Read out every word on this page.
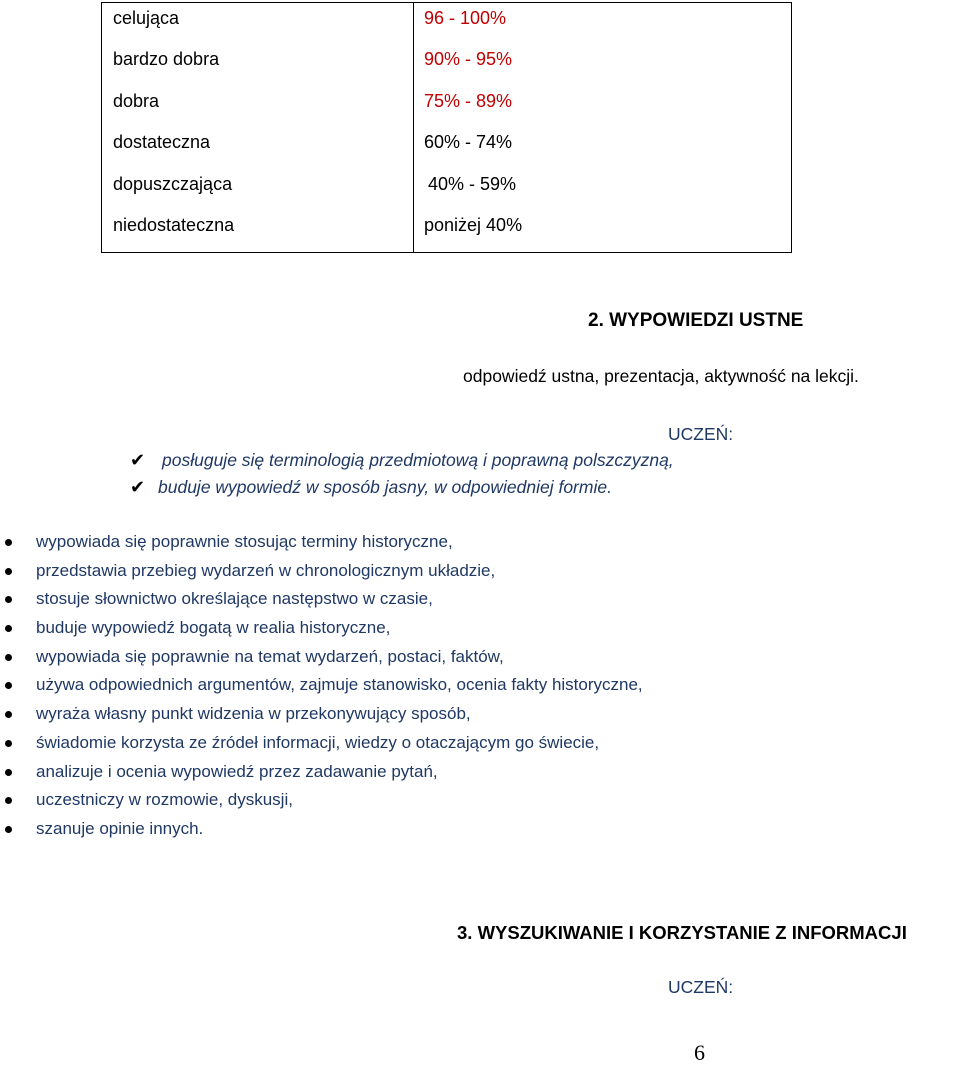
celująca	96 - 100%
bardzo dobra	90% - 95%
dobra	75% - 89%
dostateczna	60% - 74%
dopuszczająca	40% - 59%
niedostateczna	poniżej 40%
2. WYPOWIEDZI USTNE
odpowiedź ustna, prezentacja, aktywność na lekcji.
UCZEŃ:
✔ posługuje się terminologią przedmiotową i poprawną polszczyzną,
✔ buduje wypowiedź w sposób jasny, w odpowiedniej formie.
wypowiada się poprawnie stosując terminy historyczne,
przedstawia przebieg wydarzeń w chronologicznym układzie,
stosuje słownictwo określające następstwo w czasie,
buduje wypowiedź bogatą w realia historyczne,
wypowiada się poprawnie na temat wydarzeń, postaci, faktów,
używa odpowiednich argumentów, zajmuje stanowisko, ocenia fakty historyczne,
wyraża własny punkt widzenia w przekonywujący sposób,
świadomie korzysta ze źródeł informacji, wiedzy o otaczającym go świecie,
analizuje i ocenia wypowiedź przez zadawanie pytań,
uczestniczy w rozmowie, dyskusji,
szanuje opinie innych.
3. WYSZUKIWANIE I KORZYSTANIE Z INFORMACJI
UCZEŃ:
6
